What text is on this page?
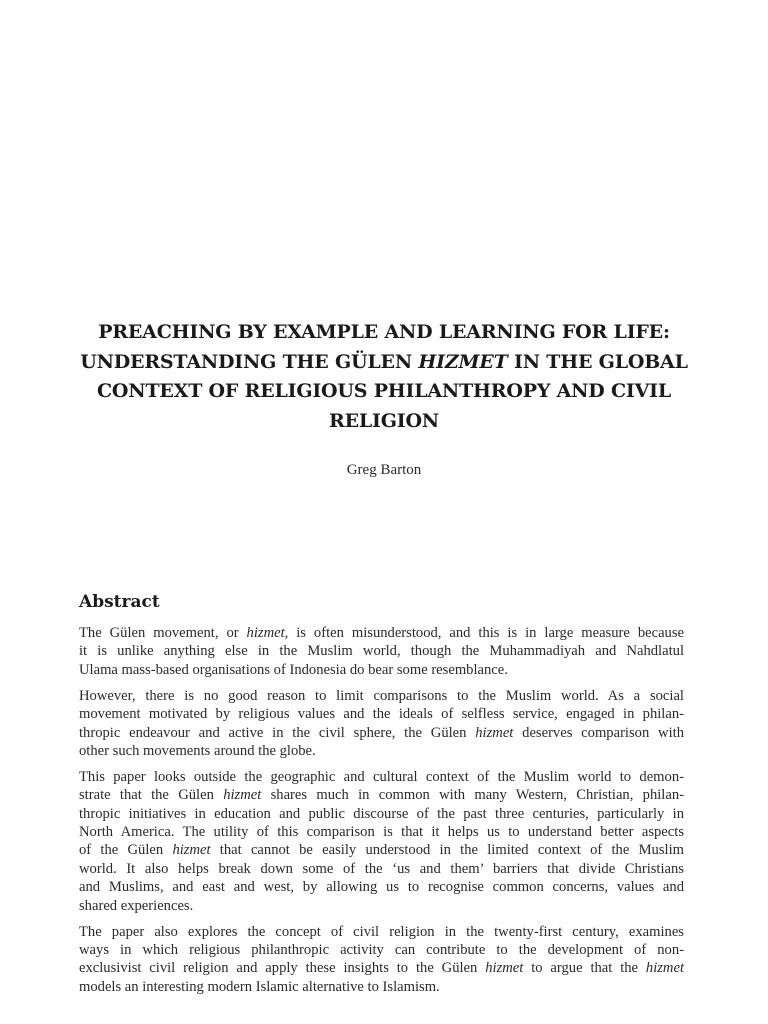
PREACHING BY EXAMPLE AND LEARNING FOR LIFE:
UNDERSTANDING THE GÜLEN HIZMET IN THE GLOBAL
CONTEXT OF RELIGIOUS PHILANTHROPY AND CIVIL
RELIGION
Greg Barton
Abstract

The Gülen movement, or hizmet, is often misunderstood, and this is in large measure because
it is unlike anything else in the Muslim world, though the Muhammadiyah and Nahdlatul
Ulama mass-based organisations of Indonesia do bear some resemblance.

However, there is no good reason to limit comparisons to the Muslim world. As a social
movement motivated by religious values and the ideals of selfless service, engaged in philan-
thropic endeavour and active in the civil sphere, the Gülen hizmet deserves comparison with
other such movements around the globe.

This paper looks outside the geographic and cultural context of the Muslim world to demon-
strate that the Gülen hizmet shares much in common with many Western, Christian, philan-
thropic initiatives in education and public discourse of the past three centuries, particularly in
North America. The utility of this comparison is that it helps us to understand better aspects
of the Gülen hizmet that cannot be easily understood in the limited context of the Muslim
world. It also helps break down some of the ‘us and them’ barriers that divide Christians
and Muslims, and east and west, by allowing us to recognise common concerns, values and
shared experiences.

The paper also explores the concept of civil religion in the twenty-first century, examines
ways in which religious philanthropic activity can contribute to the development of non-
exclusivist civil religion and apply these insights to the Gülen hizmet to argue that the hizmet
models an interesting modern Islamic alternative to Islamism.
